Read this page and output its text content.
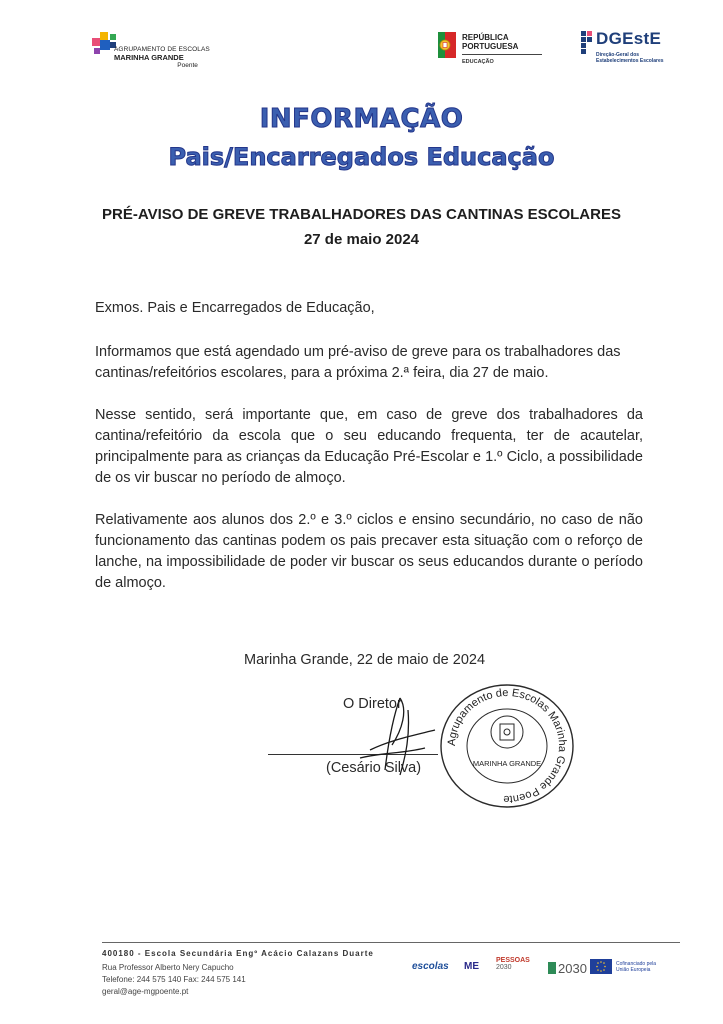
AGRUPAMENTO DE ESCOLAS
MARINHA GRANDE
Poente
REPÚBLICA
PORTUGUESA
EDUCAÇÃO
DGEstE
Direção-Geral dos
Estabelecimentos Escolares
INFORMAÇÃO
Pais/Encarregados Educação
PRÉ-AVISO DE GREVE TRABALHADORES DAS CANTINAS ESCOLARES
27 de maio 2024
Exmos. Pais e Encarregados de Educação,
Informamos que está agendado um pré-aviso de greve para os trabalhadores das cantinas/refeitórios escolares, para a próxima 2.ª feira, dia 27 de maio.
Nesse sentido, será importante que, em caso de greve dos trabalhadores da cantina/refeitório da escola que o seu educando frequenta, ter de acautelar, principalmente para as crianças da Educação Pré-Escolar e 1.º Ciclo, a possibilidade de os vir buscar no período de almoço.
Relativamente aos alunos dos 2.º e 3.º ciclos e ensino secundário, no caso de não funcionamento das cantinas podem os pais precaver esta situação com o reforço de lanche, na impossibilidade de poder vir buscar os seus educandos durante o período de almoço.
Marinha Grande, 22 de maio de 2024
O Diretor
(Cesário Silva)
Agrupamento de Escolas Marinha Grande Poente
MARINHA GRANDE
400180 - Escola Secundária Engº Acácio Calazans Duarte
Rua Professor Alberto Nery Capucho
Telefone: 244 575 140 Fax: 244 575 141
geral@age-mgpoente.pt
escolas ME
PESSOAS
2030	2030	Cofinanciado pela
União Europeia
